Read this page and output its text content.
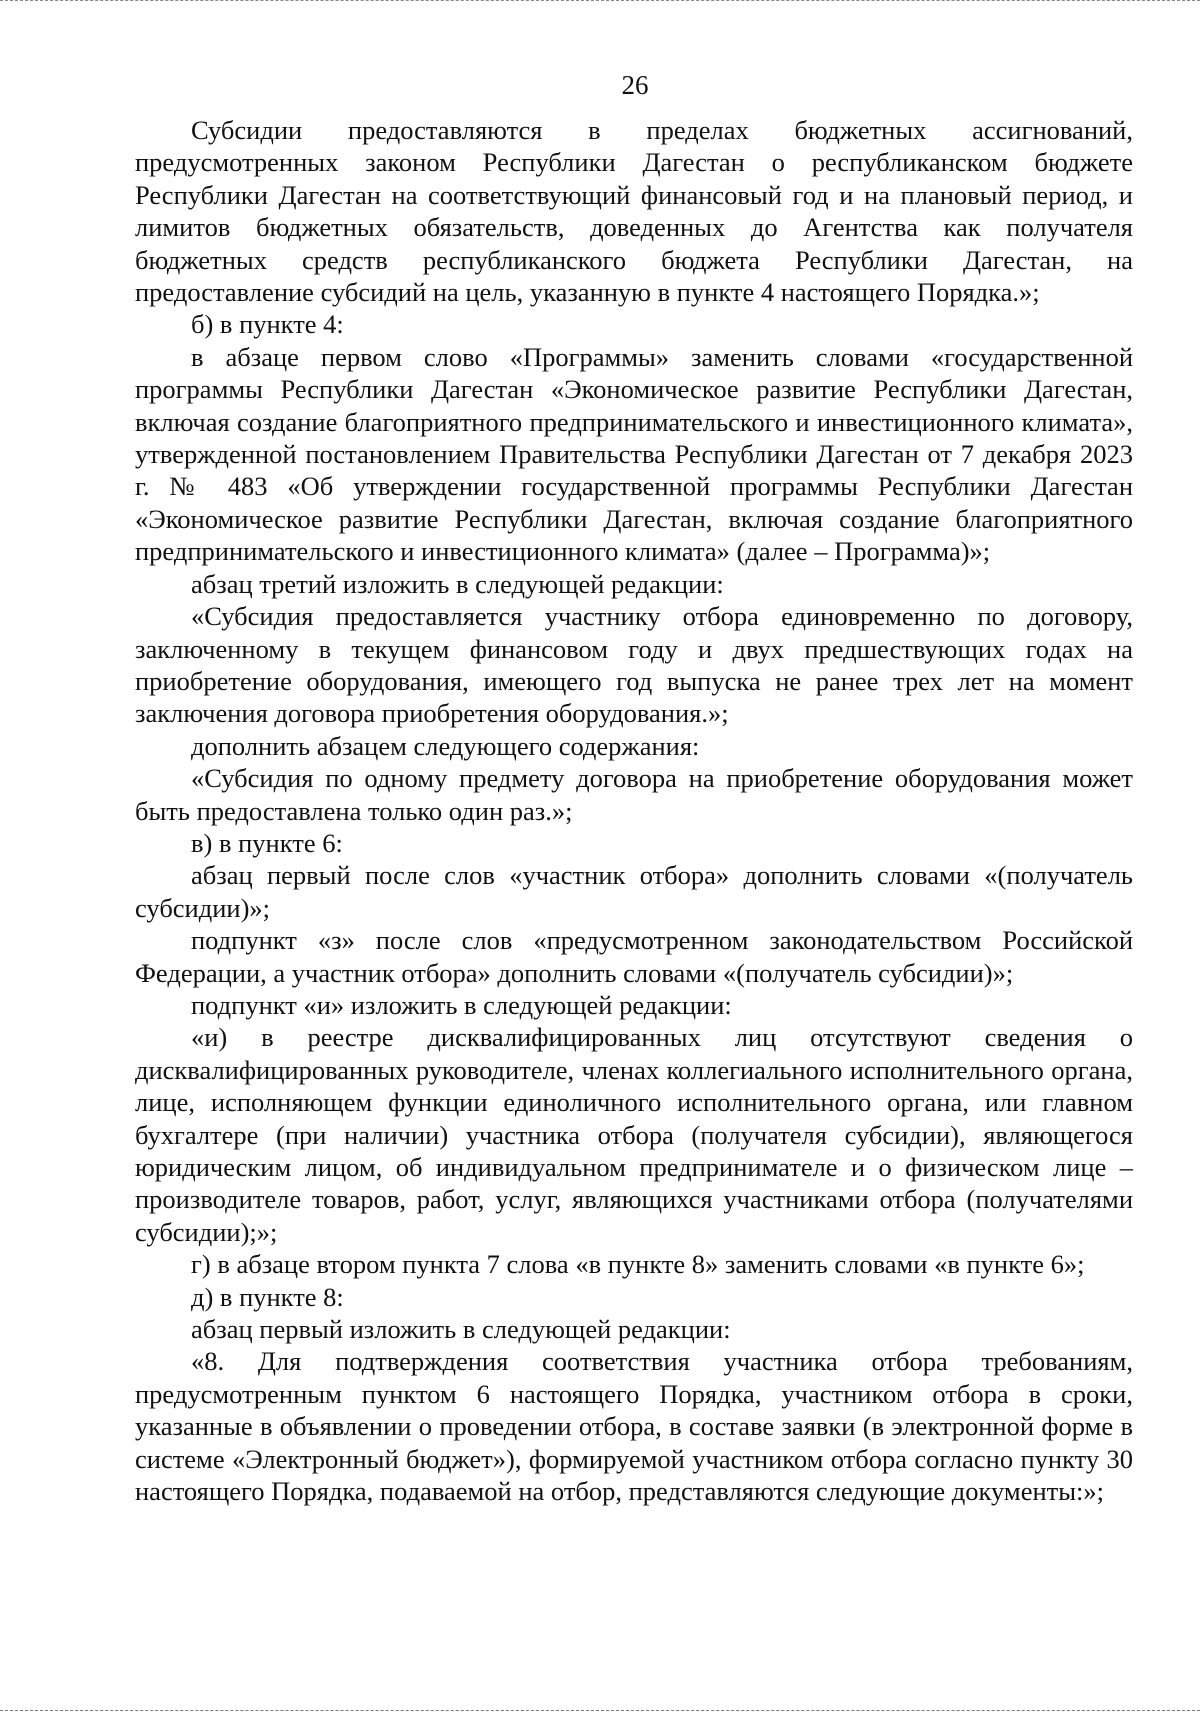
26

Субсидии предоставляются в пределах бюджетных ассигнований, предусмотренных законом Республики Дагестан о республиканском бюджете Республики Дагестан на соответствующий финансовый год и на плановый период, и лимитов бюджетных обязательств, доведенных до Агентства как получателя бюджетных средств республиканского бюджета Республики Дагестан, на предоставление субсидий на цель, указанную в пункте 4 настоящего Порядка.»;

б) в пункте 4:

в абзаце первом слово «Программы» заменить словами «государственной программы Республики Дагестан «Экономическое развитие Республики Дагестан, включая создание благоприятного предпринимательского и инвестиционного климата», утвержденной постановлением Правительства Республики Дагестан от 7 декабря 2023 г. № 483 «Об утверждении государственной программы Республики Дагестан «Экономическое развитие Республики Дагестан, включая создание благоприятного предпринимательского и инвестиционного климата» (далее – Программа)»;

абзац третий изложить в следующей редакции:

«Субсидия предоставляется участнику отбора единовременно по договору, заключенному в текущем финансовом году и двух предшествующих годах на приобретение оборудования, имеющего год выпуска не ранее трех лет на момент заключения договора приобретения оборудования.»;

дополнить абзацем следующего содержания:

«Субсидия по одному предмету договора на приобретение оборудования может быть предоставлена только один раз.»;

в) в пункте 6:

абзац первый после слов «участник отбора» дополнить словами «(получатель субсидии)»;

подпункт «з» после слов «предусмотренном законодательством Российской Федерации, а участник отбора» дополнить словами «(получатель субсидии)»;

подпункт «и» изложить в следующей редакции:

«и) в реестре дисквалифицированных лиц отсутствуют сведения о дисквалифицированных руководителе, членах коллегиального исполнительного органа, лице, исполняющем функции единоличного исполнительного органа, или главном бухгалтере (при наличии) участника отбора (получателя субсидии), являющегося юридическим лицом, об индивидуальном предпринимателе и о физическом лице – производителе товаров, работ, услуг, являющихся участниками отбора (получателями субсидии);»;

г) в абзаце втором пункта 7 слова «в пункте 8» заменить словами «в пункте 6»;

д) в пункте 8:

абзац первый изложить в следующей редакции:

«8. Для подтверждения соответствия участника отбора требованиям, предусмотренным пунктом 6 настоящего Порядка, участником отбора в сроки, указанные в объявлении о проведении отбора, в составе заявки (в электронной форме в системе «Электронный бюджет»), формируемой участником отбора согласно пункту 30 настоящего Порядка, подаваемой на отбор, представляются следующие документы:»;
